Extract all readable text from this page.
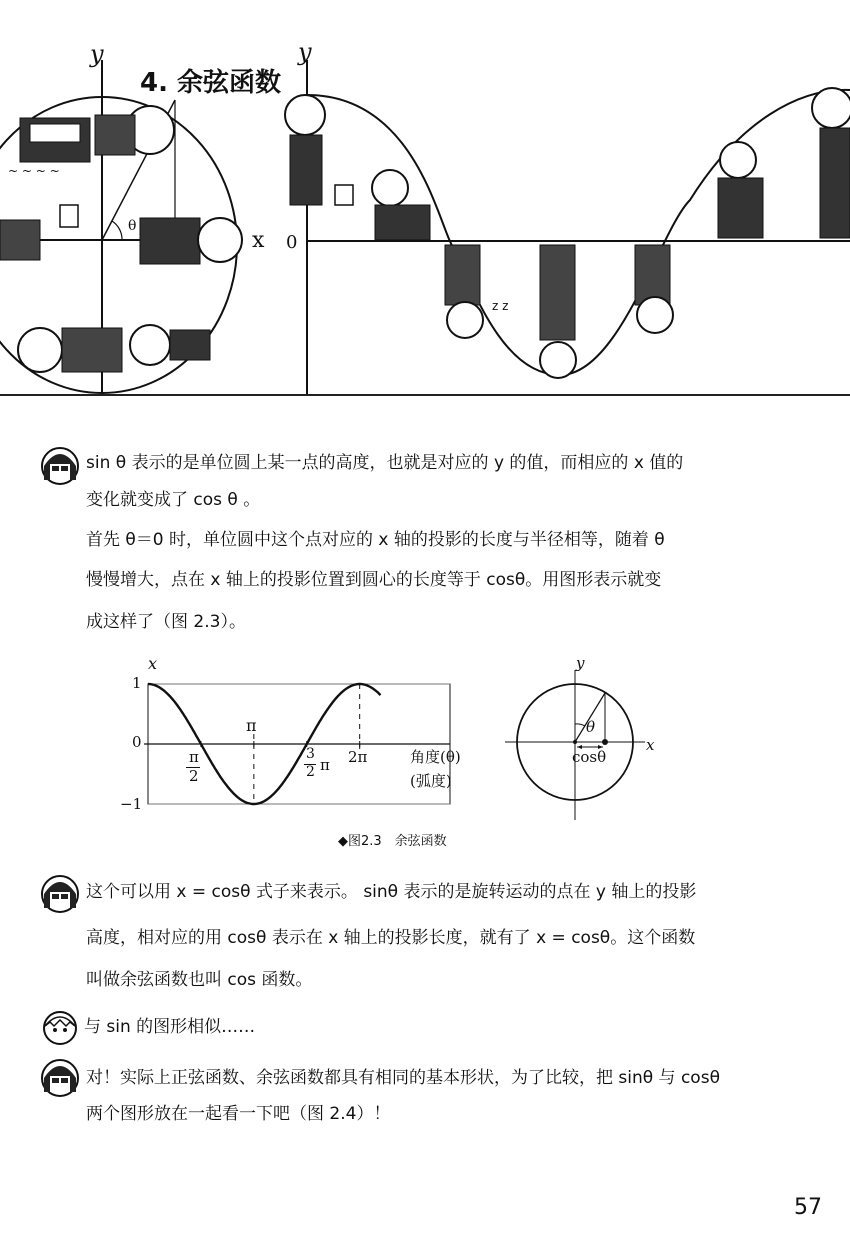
~ ~ ~ ~
z z
4. 余弦函数
y	y
x 0
θ
sin θ 表示的是单位圆上某一点的高度，也就是对应的 y 的值，而相应的 x 值的
变化就变成了 cos θ 。
首先 θ＝0 时，单位圆中这个点对应的 x 轴的投影的长度与半径相等，随着 θ
慢慢增大，点在 x 轴上的投影位置到圆心的长度等于 cosθ。用图形表示就变
成这样了（图 2.3）。
x
1
0
−1
π
π
2
3
2 π 2π	角度(θ)
(弧度)
y
x
θ
cosθ
◆图2.3　余弦函数
这个可以用 x = cosθ 式子来表示。 sinθ 表示的是旋转运动的点在 y 轴上的投影
高度，相对应的用 cosθ 表示在 x 轴上的投影长度，就有了 x = cosθ。这个函数
叫做余弦函数也叫 cos 函数。
与 sin 的图形相似……
对！实际上正弦函数、余弦函数都具有相同的基本形状，为了比较，把 sinθ 与 cosθ
两个图形放在一起看一下吧（图 2.4）！
57
